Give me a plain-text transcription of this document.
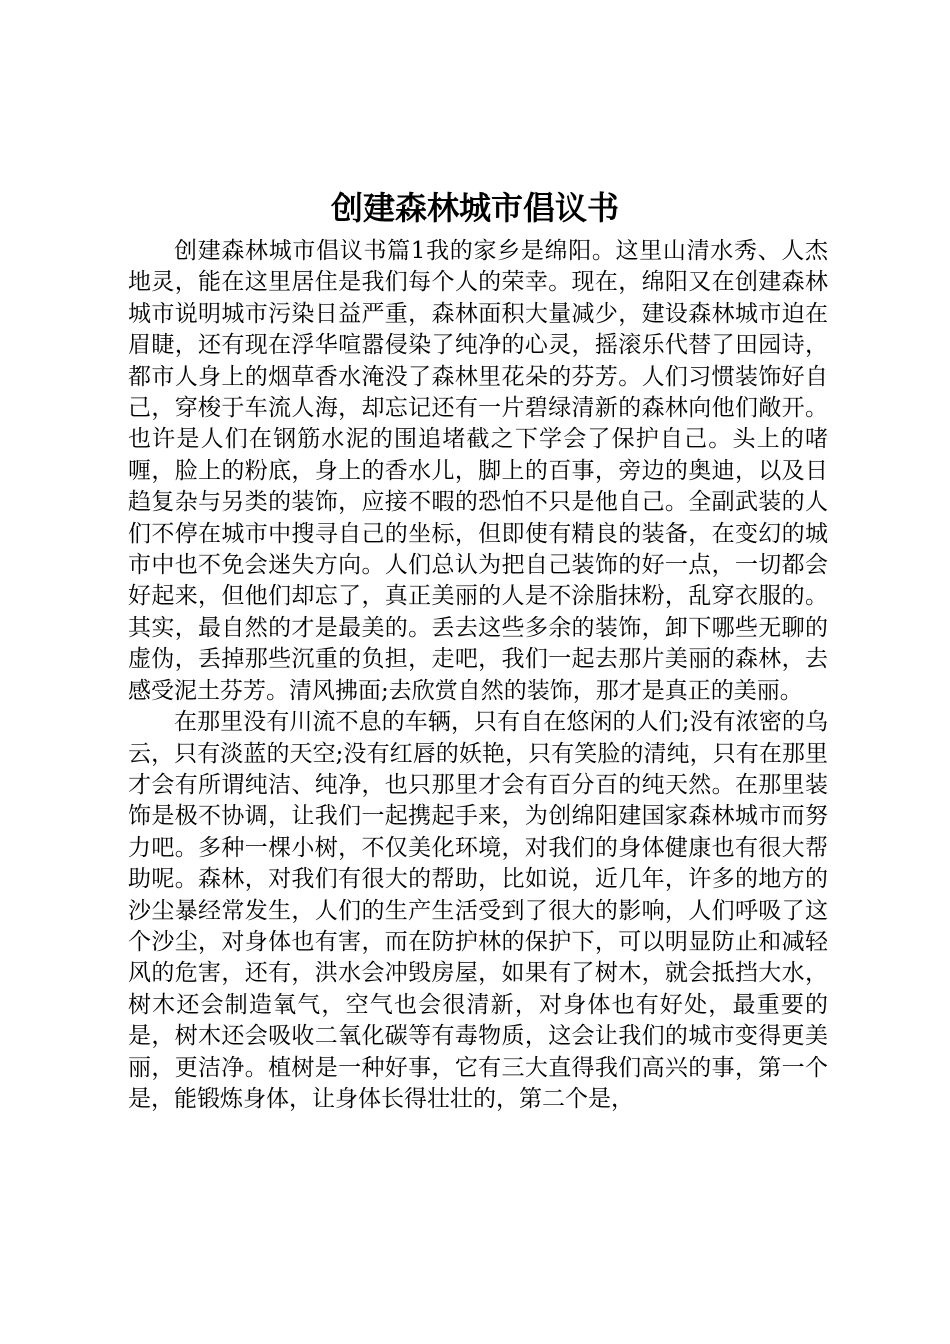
创建森林城市倡议书

创建森林城市倡议书篇1我的家乡是绵阳。这里山清水秀、人杰地灵，能在这里居住是我们每个人的荣幸。现在，绵阳又在创建森林城市说明城市污染日益严重，森林面积大量减少，建设森林城市迫在眉睫，还有现在浮华喧嚣侵染了纯净的心灵，摇滚乐代替了田园诗，都市人身上的烟草香水淹没了森林里花朵的芬芳。人们习惯装饰好自己，穿梭于车流人海，却忘记还有一片碧绿清新的森林向他们敞开。也许是人们在钢筋水泥的围追堵截之下学会了保护自己。头上的啫喱，脸上的粉底，身上的香水儿，脚上的百事，旁边的奥迪，以及日趋复杂与另类的装饰，应接不暇的恐怕不只是他自己。全副武装的人们不停在城市中搜寻自己的坐标，但即使有精良的装备，在变幻的城市中也不免会迷失方向。人们总认为把自己装饰的好一点，一切都会好起来，但他们却忘了，真正美丽的人是不涂脂抹粉，乱穿衣服的。其实，最自然的才是最美的。丢去这些多余的装饰，卸下哪些无聊的虚伪，丢掉那些沉重的负担，走吧，我们一起去那片美丽的森林，去感受泥土芬芳。清风拂面;去欣赏自然的装饰，那才是真正的美丽。

在那里没有川流不息的车辆，只有自在悠闲的人们;没有浓密的乌云，只有淡蓝的天空;没有红唇的妖艳，只有笑脸的清纯，只有在那里才会有所谓纯洁、纯净，也只那里才会有百分百的纯天然。在那里装饰是极不协调，让我们一起携起手来，为创绵阳建国家森林城市而努力吧。多种一棵小树，不仅美化环境，对我们的身体健康也有很大帮助呢。森林，对我们有很大的帮助，比如说，近几年，许多的地方的沙尘暴经常发生，人们的生产生活受到了很大的影响，人们呼吸了这个沙尘，对身体也有害，而在防护林的保护下，可以明显防止和减轻风的危害，还有，洪水会冲毁房屋，如果有了树木，就会抵挡大水，树木还会制造氧气，空气也会很清新，对身体也有好处，最重要的是，树木还会吸收二氧化碳等有毒物质，这会让我们的城市变得更美丽，更洁净。植树是一种好事，它有三大直得我们高兴的事，第一个是，能锻炼身体，让身体长得壮壮的，第二个是，
